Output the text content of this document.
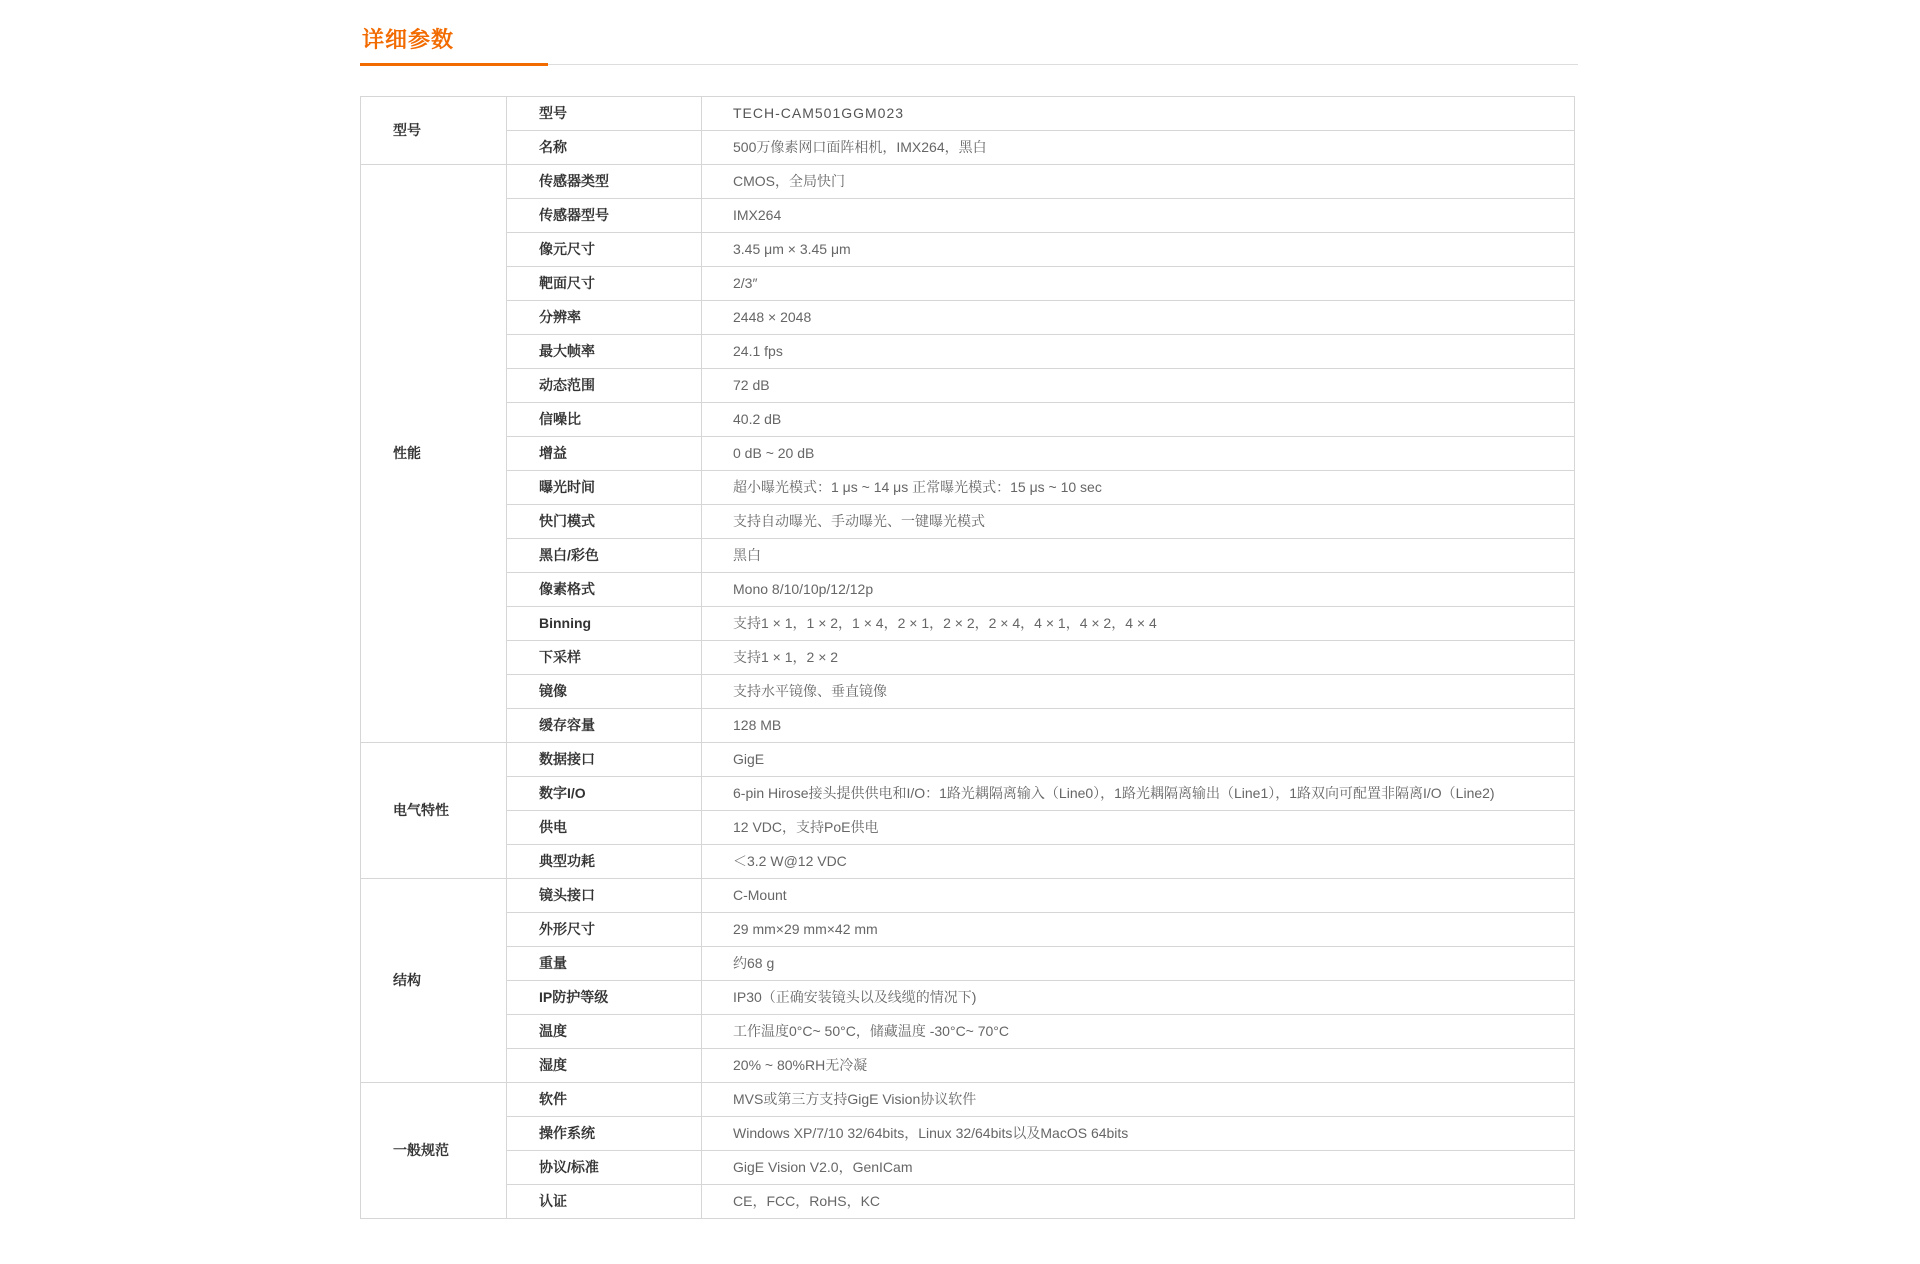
详细参数
型号	型号	TECH-CAM501GGM023
	名称	500万像素网口面阵相机，IMX264，黑白
性能	传感器类型	CMOS，全局快门
	传感器型号	IMX264
	像元尺寸	3.45 μm × 3.45 μm
	靶面尺寸	2/3″
	分辨率	2448 × 2048
	最大帧率	24.1 fps
	动态范围	72 dB
	信噪比	40.2 dB
	增益	0 dB ~ 20 dB
	曝光时间	超小曝光模式：1 μs ~ 14 μs 正常曝光模式：15 μs ~ 10 sec
	快门模式	支持自动曝光、手动曝光、一键曝光模式
	黑白/彩色	黑白
	像素格式	Mono 8/10/10p/12/12p
	Binning	支持1 × 1，1 × 2，1 × 4，2 × 1，2 × 2，2 × 4，4 × 1，4 × 2，4 × 4
	下采样	支持1 × 1，2 × 2
	镜像	支持水平镜像、垂直镜像
	缓存容量	128 MB
电气特性	数据接口	GigE
	数字I/O	6-pin Hirose接头提供供电和I/O：1路光耦隔离输入（Line0），1路光耦隔离输出（Line1），1路双向可配置非隔离I/O（Line2)
	供电	12 VDC，支持PoE供电
	典型功耗	＜3.2 W@12 VDC
结构	镜头接口	C-Mount
	外形尺寸	29 mm×29 mm×42 mm
	重量	约68 g
	IP防护等级	IP30（正确安装镜头以及线缆的情况下)
	温度	工作温度0°C~ 50°C，储藏温度 -30°C~ 70°C
	湿度	20% ~ 80%RH无冷凝
一般规范	软件	MVS或第三方支持GigE Vision协议软件
	操作系统	Windows XP/7/10 32/64bits，Linux 32/64bits以及MacOS 64bits
	协议/标准	GigE Vision V2.0，GenICam
	认证	CE，FCC，RoHS，KC
